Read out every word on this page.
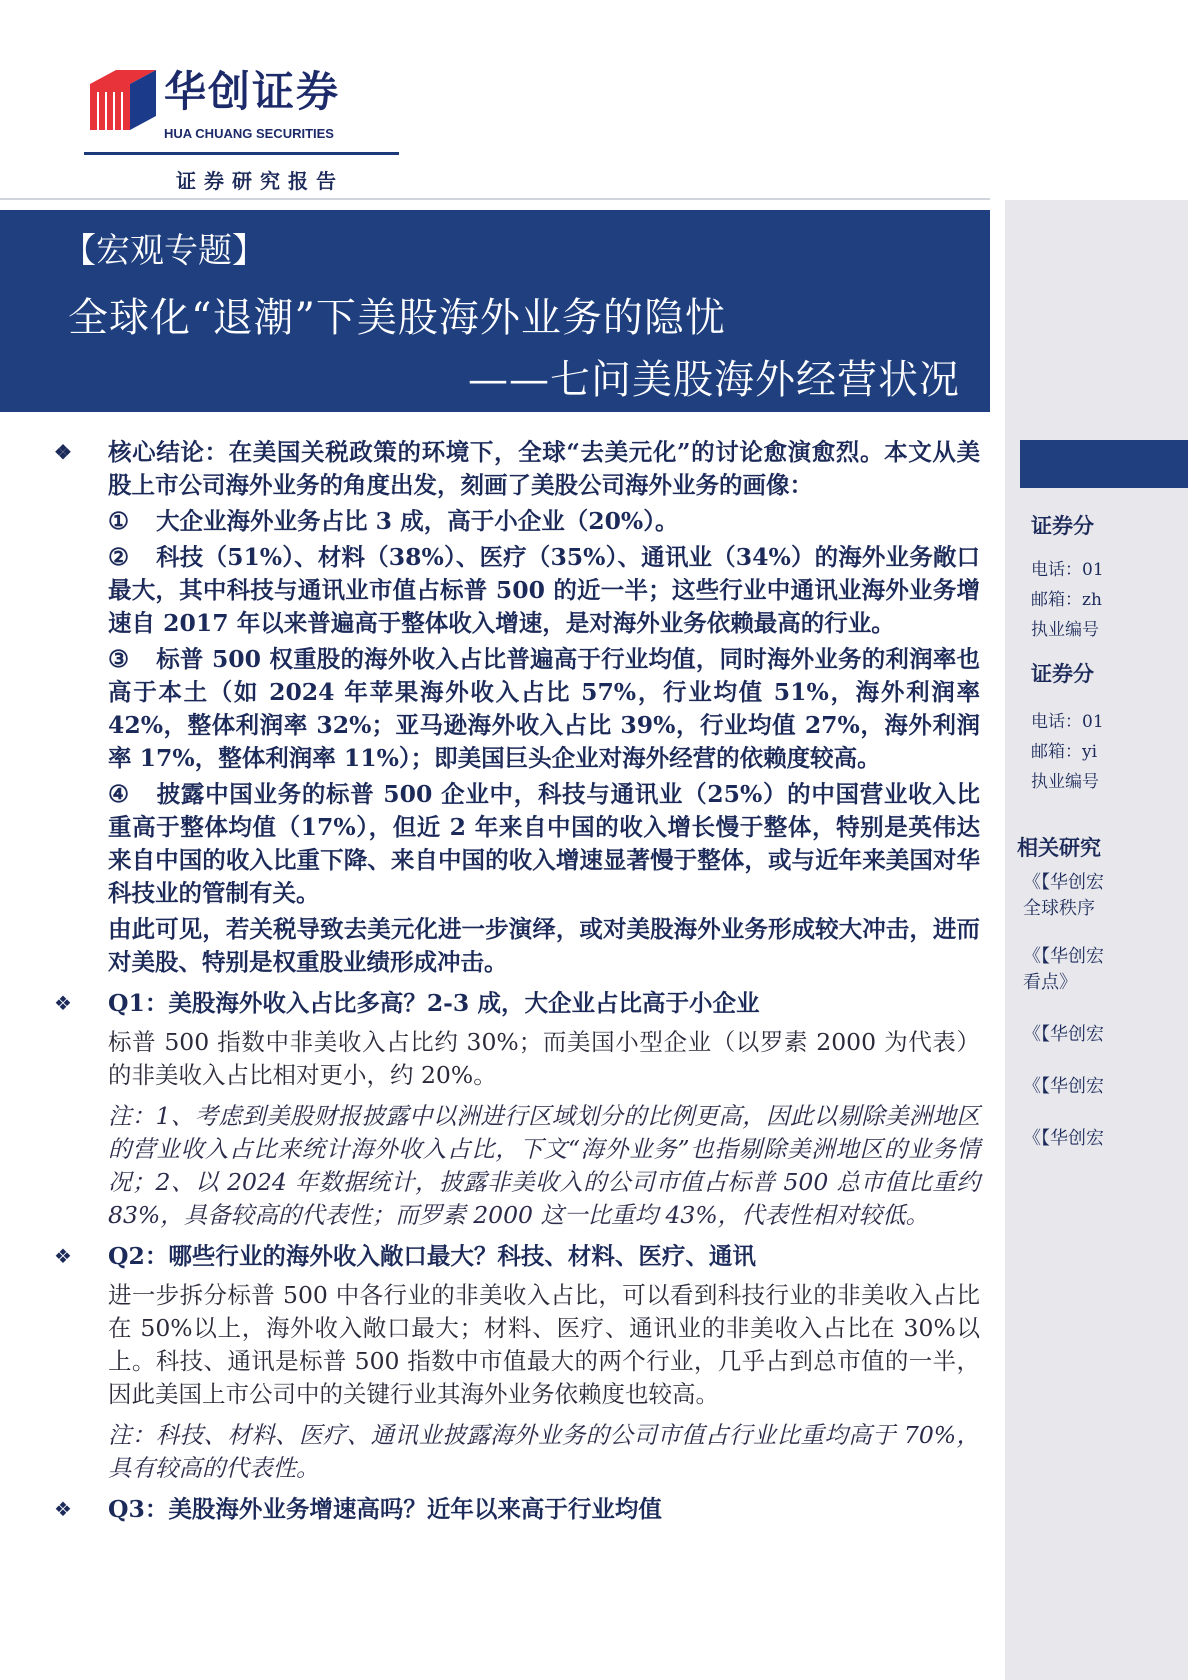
华创证券
HUA CHUANG SECURITIES
证券研究报告
【宏观专题】
全球化“退潮”下美股海外业务的隐忧
——七问美股海外经营状况
证券分
电话：01
邮箱：zh
执业编号
证券分
电话：01
邮箱：yi
执业编号
相关研究
《【华创宏
全球秩序
《【华创宏
看点》
《【华创宏
《【华创宏
《【华创宏
❖ 核心结论：在美国关税政策的环境下，全球“去美元化”的讨论愈演愈烈。本文从美股上市公司海外业务的角度出发，刻画了美股公司海外业务的画像：
① 大企业海外业务占比 3 成，高于小企业（20%）。
② 科技（51%）、材料（38%）、医疗（35%）、通讯业（34%）的海外业务敞口最大，其中科技与通讯业市值占标普 500 的近一半；这些行业中通讯业海外业务增速自 2017 年以来普遍高于整体收入增速，是对海外业务依赖最高的行业。
③ 标普 500 权重股的海外收入占比普遍高于行业均值，同时海外业务的利润率也高于本土（如 2024 年苹果海外收入占比 57%，行业均值 51%，海外利润率 42%，整体利润率 32%；亚马逊海外收入占比 39%，行业均值 27%，海外利润率 17%，整体利润率 11%）；即美国巨头企业对海外经营的依赖度较高。
④ 披露中国业务的标普 500 企业中，科技与通讯业（25%）的中国营业收入比重高于整体均值（17%），但近 2 年来自中国的收入增长慢于整体，特别是英伟达来自中国的收入比重下降、来自中国的收入增速显著慢于整体，或与近年来美国对华科技业的管制有关。
由此可见，若关税导致去美元化进一步演绎，或对美股海外业务形成较大冲击，进而对美股、特别是权重股业绩形成冲击。
❖ Q1：美股海外收入占比多高？2-3 成，大企业占比高于小企业
标普 500 指数中非美收入占比约 30%；而美国小型企业（以罗素 2000 为代表）的非美收入占比相对更小，约 20%。
注：1、考虑到美股财报披露中以洲进行区域划分的比例更高，因此以剔除美洲地区的营业收入占比来统计海外收入占比，下文“海外业务”也指剔除美洲地区的业务情况；2、以 2024 年数据统计，披露非美收入的公司市值占标普 500 总市值比重约 83%，具备较高的代表性；而罗素 2000 这一比重均 43%，代表性相对较低。
❖ Q2：哪些行业的海外收入敞口最大？科技、材料、医疗、通讯
进一步拆分标普 500 中各行业的非美收入占比，可以看到科技行业的非美收入占比在 50%以上，海外收入敞口最大；材料、医疗、通讯业的非美收入占比在 30%以上。科技、通讯是标普 500 指数中市值最大的两个行业，几乎占到总市值的一半，因此美国上市公司中的关键行业其海外业务依赖度也较高。
注：科技、材料、医疗、通讯业披露海外业务的公司市值占行业比重均高于 70%，具有较高的代表性。
❖ Q3：美股海外业务增速高吗？近年以来高于行业均值
